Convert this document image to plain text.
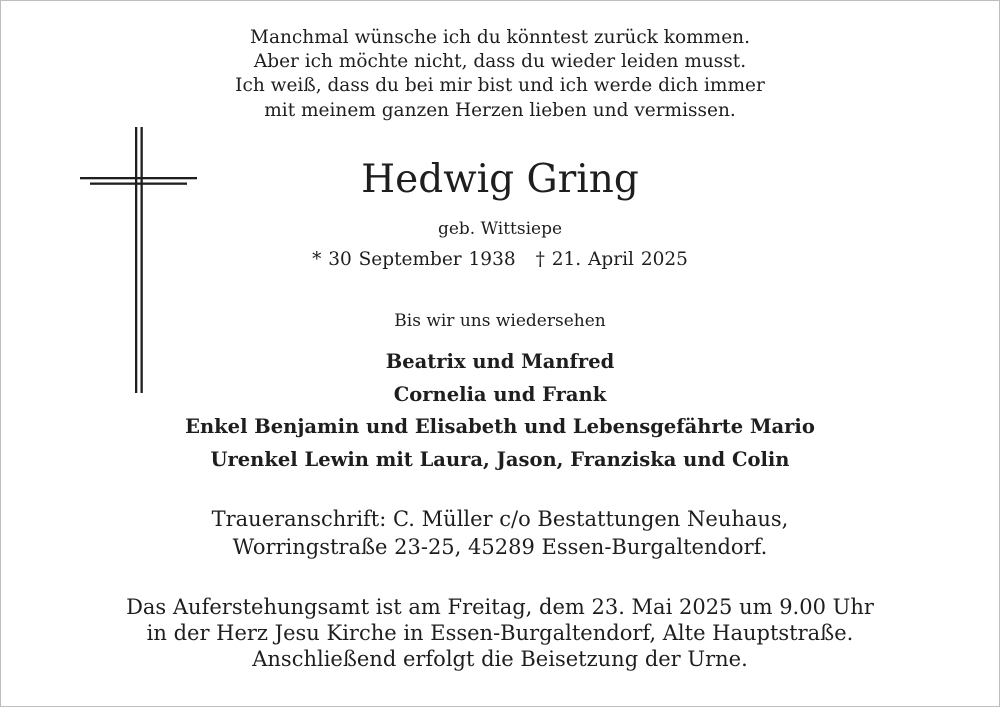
Manchmal wünsche ich du könntest zurück kommen.
Aber ich möchte nicht, dass du wieder leiden musst.
Ich weiß, dass du bei mir bist und ich werde dich immer
mit meinem ganzen Herzen lieben und vermissen.
Hedwig Gring
geb. Wittsiepe
* 30 September 1938 † 21. April 2025
Bis wir uns wiedersehen
Beatrix und Manfred
Cornelia und Frank
Enkel Benjamin und Elisabeth und Lebensgefährte Mario
Urenkel Lewin mit Laura, Jason, Franziska und Colin
Traueranschrift: C. Müller c/o Bestattungen Neuhaus,
Worringstraße 23-25, 45289 Essen-Burgaltendorf.
Das Auferstehungsamt ist am Freitag, dem 23. Mai 2025 um 9.00 Uhr
in der Herz Jesu Kirche in Essen-Burgaltendorf, Alte Hauptstraße.
Anschließend erfolgt die Beisetzung der Urne.
